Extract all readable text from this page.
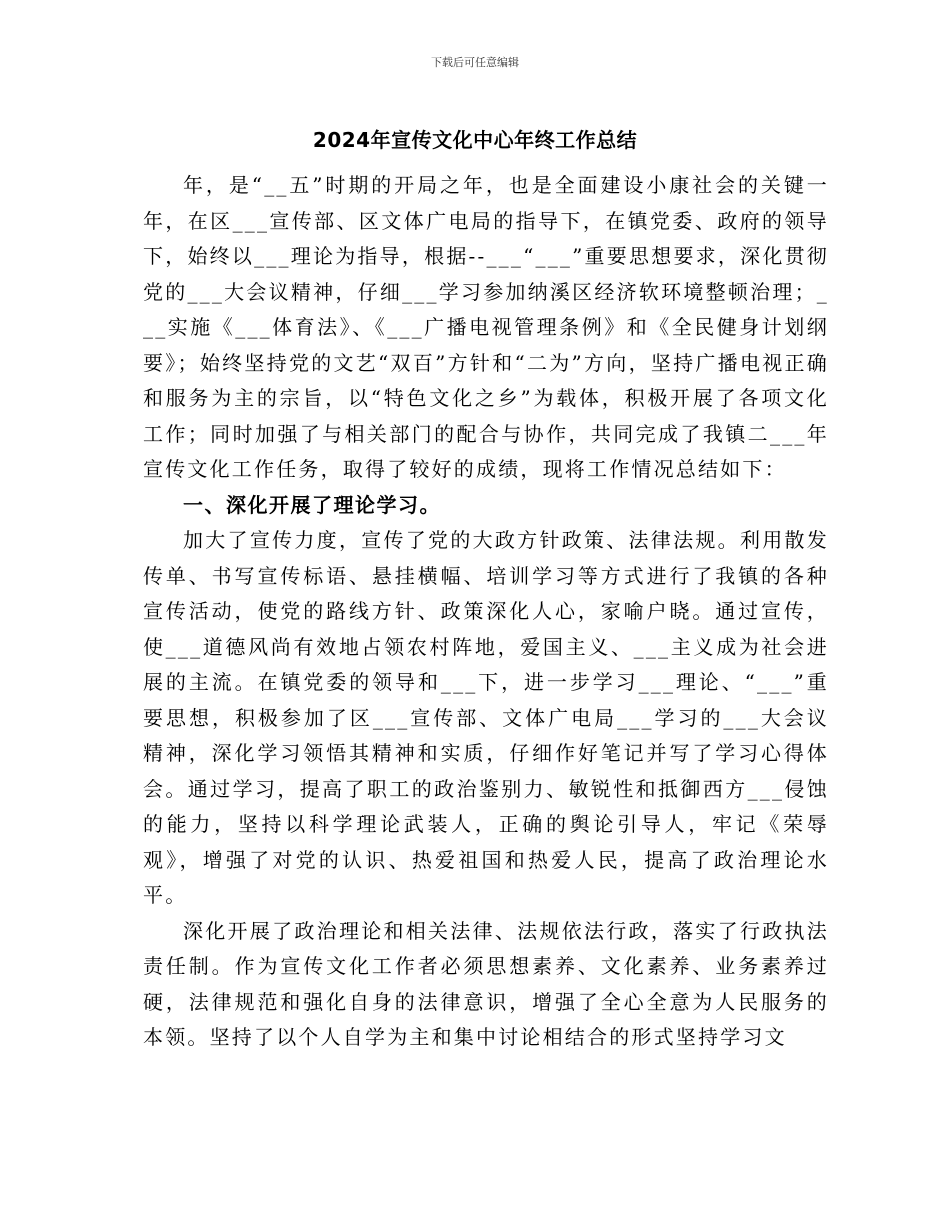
下载后可任意编辑
2024年宣传文化中心年终工作总结

年，是“__五”时期的开局之年，也是全面建设小康社会的关键一年，在区___宣传部、区文体广电局的指导下，在镇党委、政府的领导下，始终以___理论为指导，根据--___“___”重要思想要求，深化贯彻党的___大会议精神，仔细___学习参加纳溪区经济软环境整顿治理；___实施《___体育法》、《___广播电视管理条例》和《全民健身计划纲要》；始终坚持党的文艺“双百”方针和“二为”方向，坚持广播电视正确和服务为主的宗旨，以“特色文化之乡”为载体，积极开展了各项文化工作；同时加强了与相关部门的配合与协作，共同完成了我镇二___年宣传文化工作任务，取得了较好的成绩，现将工作情况总结如下：

一、深化开展了理论学习。

加大了宣传力度，宣传了党的大政方针政策、法律法规。利用散发传单、书写宣传标语、悬挂横幅、培训学习等方式进行了我镇的各种宣传活动，使党的路线方针、政策深化人心，家喻户晓。通过宣传，使___道德风尚有效地占领农村阵地，爱国主义、___主义成为社会进展的主流。在镇党委的领导和___下，进一步学习___理论、“___”重要思想，积极参加了区___宣传部、文体广电局___学习的___大会议精神，深化学习领悟其精神和实质，仔细作好笔记并写了学习心得体会。通过学习，提高了职工的政治鉴别力、敏锐性和抵御西方___侵蚀的能力，坚持以科学理论武装人，正确的舆论引导人，牢记《荣辱观》，增强了对党的认识、热爱祖国和热爱人民，提高了政治理论水平。

深化开展了政治理论和相关法律、法规依法行政，落实了行政执法责任制。作为宣传文化工作者必须思想素养、文化素养、业务素养过硬，法律规范和强化自身的法律意识，增强了全心全意为人民服务的本领。坚持了以个人自学为主和集中讨论相结合的形式坚持学习文
